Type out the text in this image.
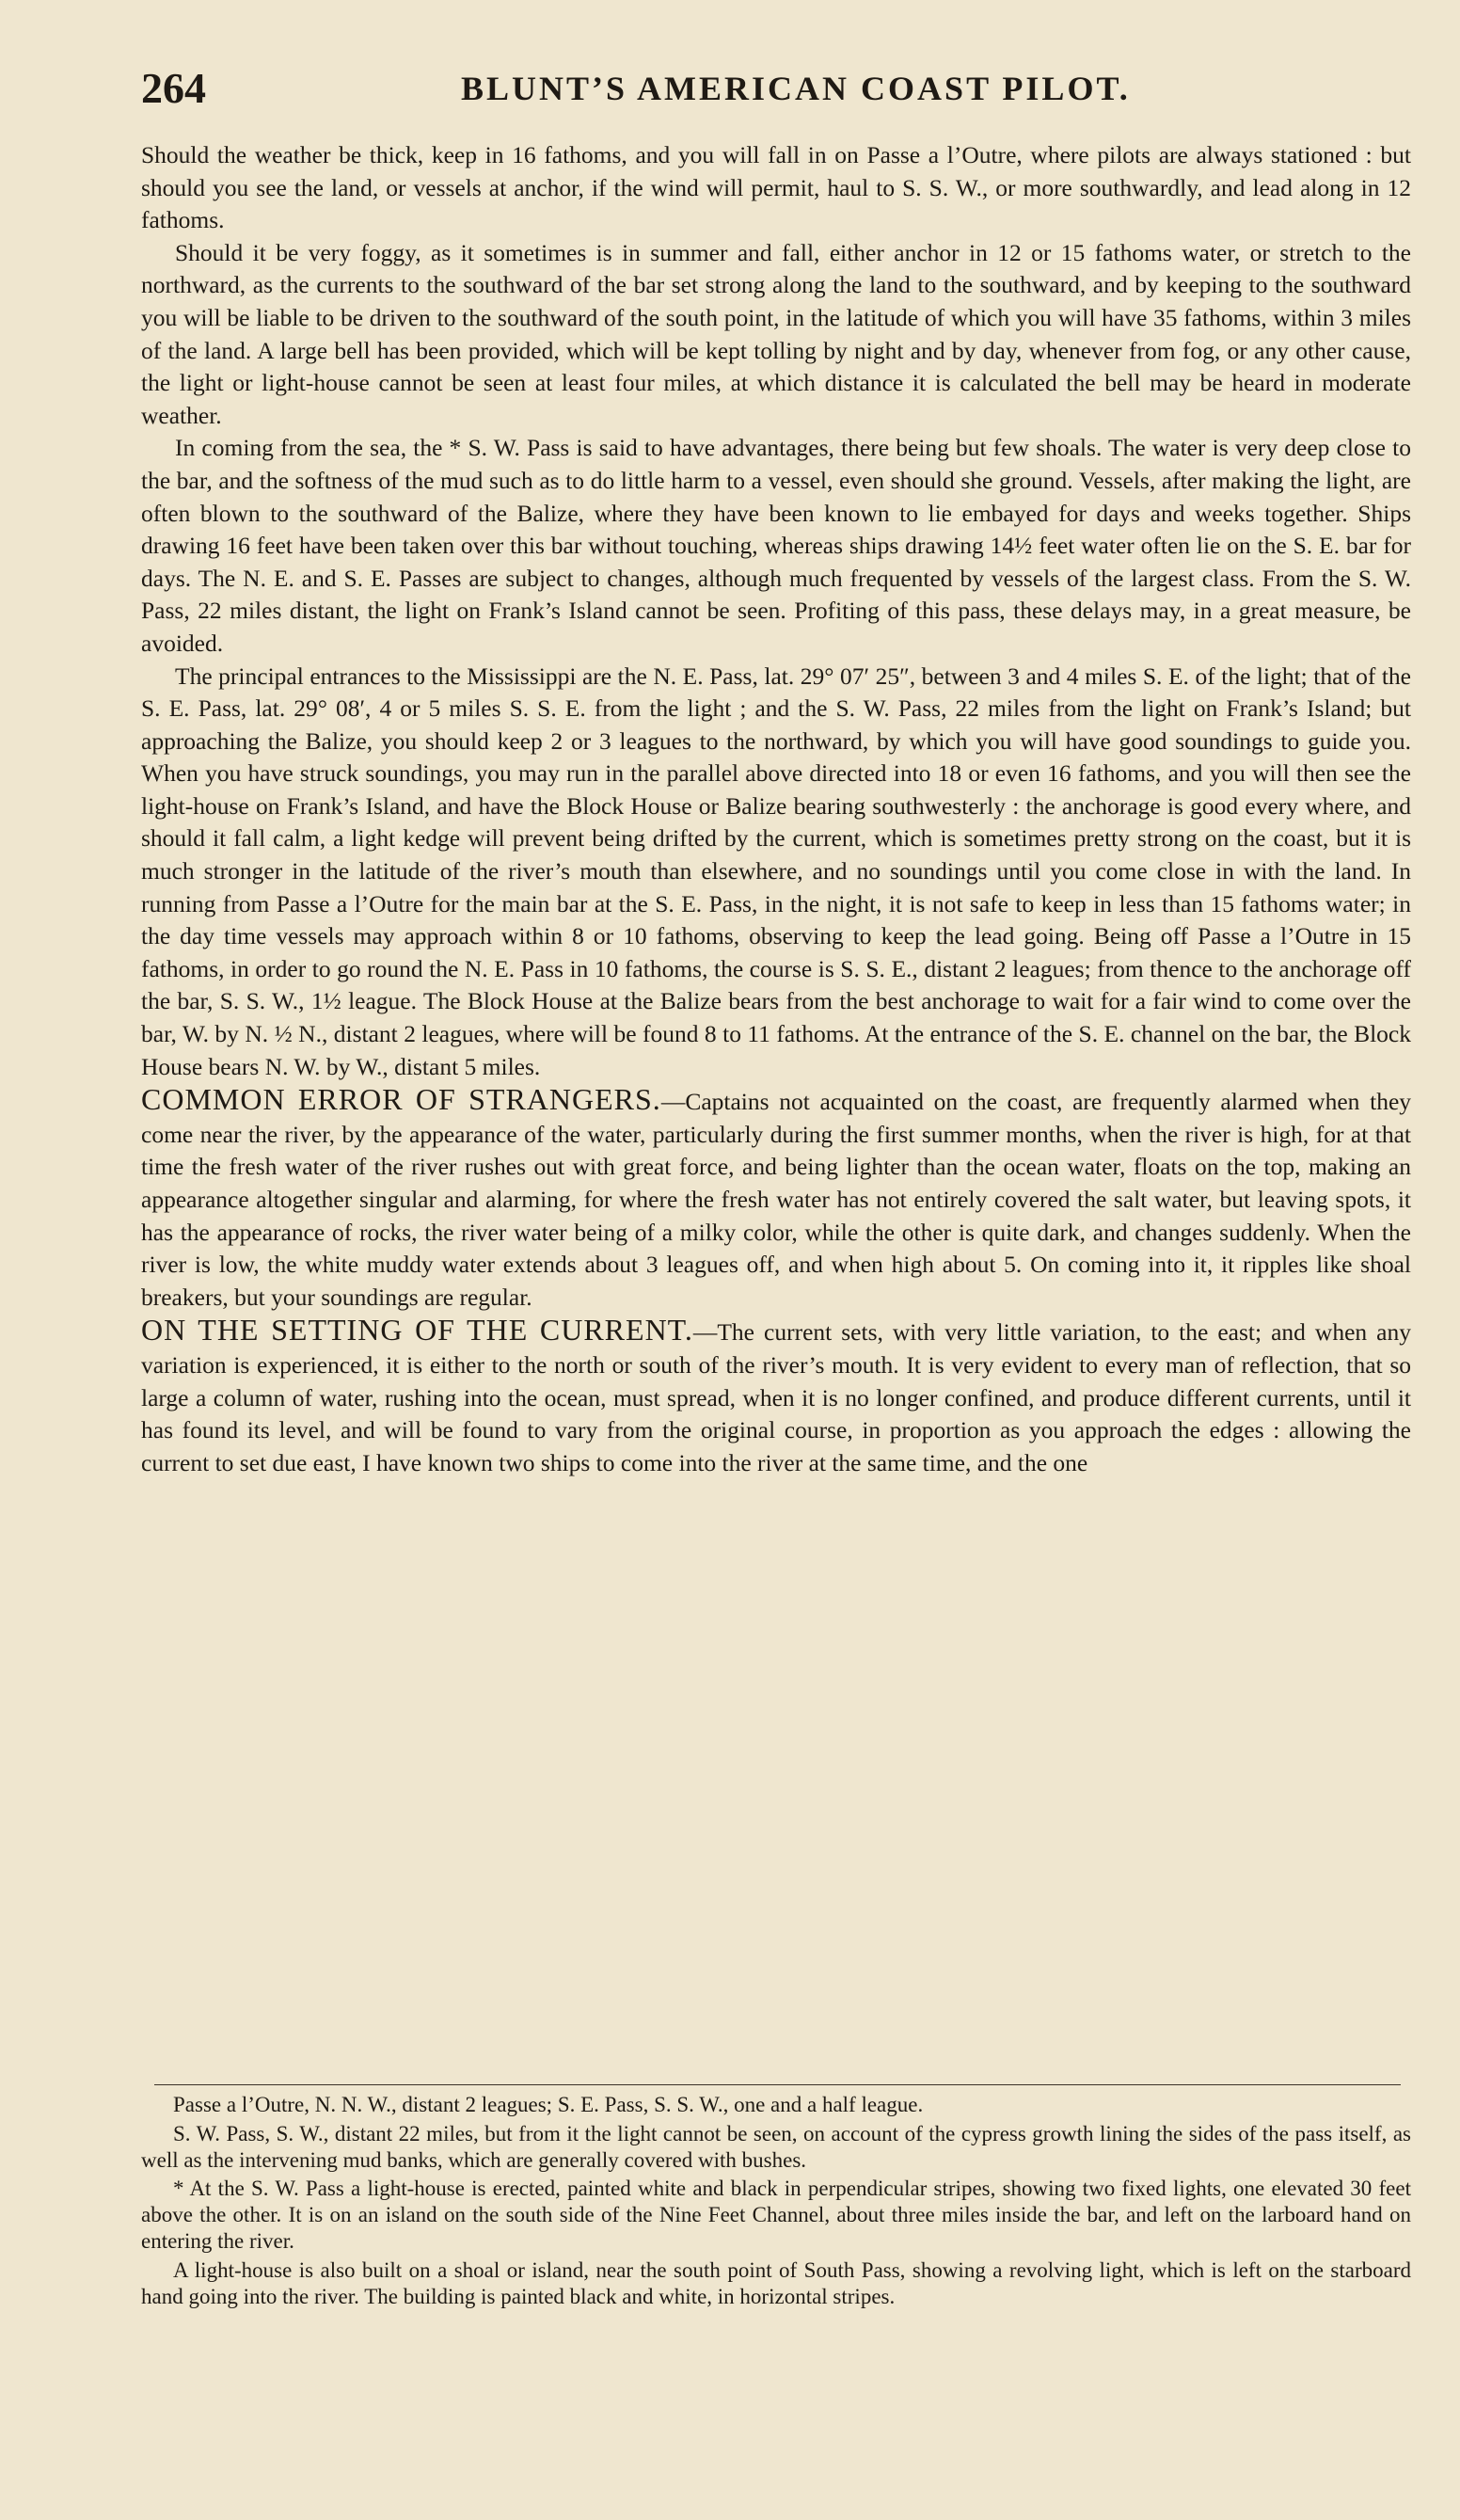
264	BLUNT’S AMERICAN COAST PILOT.

Should the weather be thick, keep in 16 fathoms, and you will fall in on Passe a l’Outre, where pilots are always stationed : but should you see the land, or vessels at anchor, if the wind will permit, haul to S. S. W., or more southwardly, and lead along in 12 fathoms.

Should it be very foggy, as it sometimes is in summer and fall, either anchor in 12 or 15 fathoms water, or stretch to the northward, as the currents to the southward of the bar set strong along the land to the southward, and by keeping to the southward you will be liable to be driven to the southward of the south point, in the latitude of which you will have 35 fathoms, within 3 miles of the land. A large bell has been provided, which will be kept tolling by night and by day, whenever from fog, or any other cause, the light or light-house cannot be seen at least four miles, at which distance it is calculated the bell may be heard in moderate weather.

In coming from the sea, the * S. W. Pass is said to have advantages, there being but few shoals. The water is very deep close to the bar, and the softness of the mud such as to do little harm to a vessel, even should she ground. Vessels, after making the light, are often blown to the southward of the Balize, where they have been known to lie embayed for days and weeks together. Ships drawing 16 feet have been taken over this bar without touching, whereas ships drawing 14½ feet water often lie on the S. E. bar for days. The N. E. and S. E. Passes are subject to changes, although much frequented by vessels of the largest class. From the S. W. Pass, 22 miles distant, the light on Frank’s Island cannot be seen. Profiting of this pass, these delays may, in a great measure, be avoided.

The principal entrances to the Mississippi are the N. E. Pass, lat. 29° 07′ 25″, between 3 and 4 miles S. E. of the light; that of the S. E. Pass, lat. 29° 08′, 4 or 5 miles S. S. E. from the light ; and the S. W. Pass, 22 miles from the light on Frank’s Island; but approaching the Balize, you should keep 2 or 3 leagues to the northward, by which you will have good soundings to guide you. When you have struck soundings, you may run in the parallel above directed into 18 or even 16 fathoms, and you will then see the light-house on Frank’s Island, and have the Block House or Balize bearing southwesterly : the anchorage is good every where, and should it fall calm, a light kedge will prevent being drifted by the current, which is sometimes pretty strong on the coast, but it is much stronger in the latitude of the river’s mouth than elsewhere, and no soundings until you come close in with the land. In running from Passe a l’Outre for the main bar at the S. E. Pass, in the night, it is not safe to keep in less than 15 fathoms water; in the day time vessels may approach within 8 or 10 fathoms, observing to keep the lead going. Being off Passe a l’Outre in 15 fathoms, in order to go round the N. E. Pass in 10 fathoms, the course is S. S. E., distant 2 leagues; from thence to the anchorage off the bar, S. S. W., 1½ league. The Block House at the Balize bears from the best anchorage to wait for a fair wind to come over the bar, W. by N. ½ N., distant 2 leagues, where will be found 8 to 11 fathoms. At the entrance of the S. E. channel on the bar, the Block House bears N. W. by W., distant 5 miles.

COMMON ERROR OF STRANGERS.—Captains not acquainted on the coast, are frequently alarmed when they come near the river, by the appearance of the water, particularly during the first summer months, when the river is high, for at that time the fresh water of the river rushes out with great force, and being lighter than the ocean water, floats on the top, making an appearance altogether singular and alarming, for where the fresh water has not entirely covered the salt water, but leaving spots, it has the appearance of rocks, the river water being of a milky color, while the other is quite dark, and changes suddenly. When the river is low, the white muddy water extends about 3 leagues off, and when high about 5. On coming into it, it ripples like shoal breakers, but your soundings are regular.

ON THE SETTING OF THE CURRENT.—The current sets, with very little variation, to the east; and when any variation is experienced, it is either to the north or south of the river’s mouth. It is very evident to every man of reflection, that so large a column of water, rushing into the ocean, must spread, when it is no longer confined, and produce different currents, until it has found its level, and will be found to vary from the original course, in proportion as you approach the edges : allowing the current to set due east, I have known two ships to come into the river at the same time, and the one

Passe a l’Outre, N. N. W., distant 2 leagues; S. E. Pass, S. S. W., one and a half league.

S. W. Pass, S. W., distant 22 miles, but from it the light cannot be seen, on account of the cypress growth lining the sides of the pass itself, as well as the intervening mud banks, which are generally covered with bushes.

* At the S. W. Pass a light-house is erected, painted white and black in perpendicular stripes, showing two fixed lights, one elevated 30 feet above the other. It is on an island on the south side of the Nine Feet Channel, about three miles inside the bar, and left on the larboard hand on entering the river.

A light-house is also built on a shoal or island, near the south point of South Pass, showing a revolving light, which is left on the starboard hand going into the river. The building is painted black and white, in horizontal stripes.
